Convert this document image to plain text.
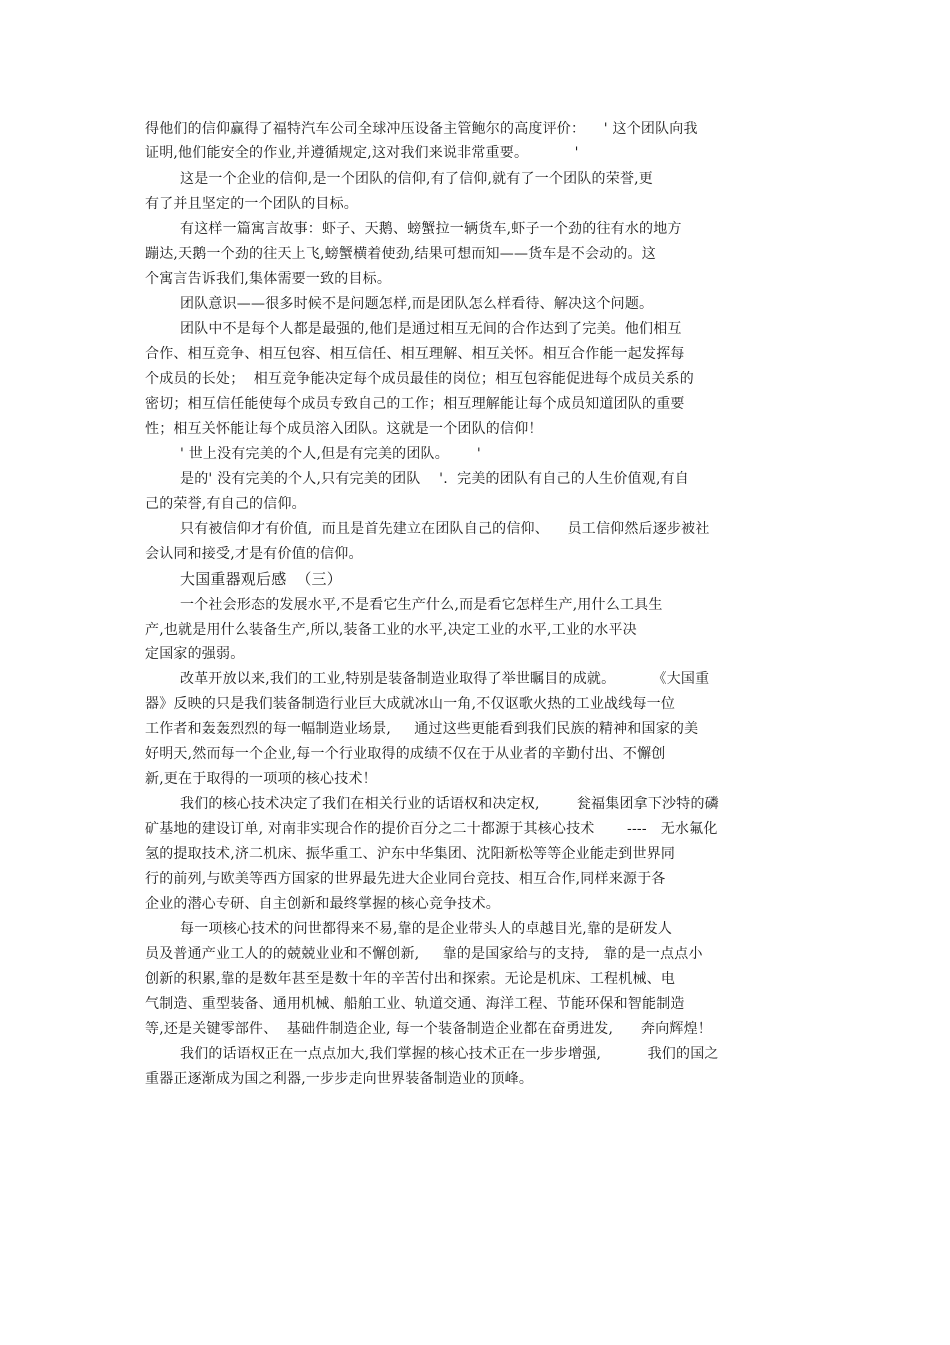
得他们的信仰赢得了福特汽车公司全球冲压设备主管鲍尔的高度评价：    ' 这个团队向我
证明,他们能安全的作业,并遵循规定,这对我们来说非常重要。          '
这是一个企业的信仰,是一个团队的信仰,有了信仰,就有了一个团队的荣誉,更
有了并且坚定的一个团队的目标。
有这样一篇寓言故事：虾子、天鹅、螃蟹拉一辆货车,虾子一个劲的往有水的地方
蹦达,天鹅一个劲的往天上飞,螃蟹横着使劲,结果可想而知——货车是不会动的。这
个寓言告诉我们,集体需要一致的目标。
团队意识——很多时候不是问题怎样,而是团队怎么样看待、解决这个问题。
团队中不是每个人都是最强的,他们是通过相互无间的合作达到了完美。他们相互
合作、相互竞争、相互包容、相互信任、相互理解、相互关怀。相互合作能一起发挥每
个成员的长处；  相互竞争能决定每个成员最佳的岗位；相互包容能促进每个成员关系的
密切；相互信任能使每个成员专致自己的工作；相互理解能让每个成员知道团队的重要
性；相互关怀能让每个成员溶入团队。这就是一个团队的信仰！
' 世上没有完美的个人,但是有完美的团队。      '
是的' 没有完美的个人,只有完美的团队    '.  完美的团队有自己的人生价值观,有自
己的荣誉,有自己的信仰。
只有被信仰才有价值,  而且是首先建立在团队自己的信仰、    员工信仰然后逐步被社
会认同和接受,才是有价值的信仰。
大国重器观后感  （三）
一个社会形态的发展水平,不是看它生产什么,而是看它怎样生产,用什么工具生
产,也就是用什么装备生产,所以,装备工业的水平,决定工业的水平,工业的水平决
定国家的强弱。
改革开放以来,我们的工业,特别是装备制造业取得了举世瞩目的成就。        《大国重
器》反映的只是我们装备制造行业巨大成就冰山一角,不仅讴歌火热的工业战线每一位
工作者和轰轰烈烈的每一幅制造业场景,     通过这些更能看到我们民族的精神和国家的美
好明天,然而每一个企业,每一个行业取得的成绩不仅在于从业者的辛勤付出、不懈创
新,更在于取得的一项项的核心技术！
我们的核心技术决定了我们在相关行业的话语权和决定权,        瓮福集团拿下沙特的磷
矿基地的建设订单, 对南非实现合作的提价百分之二十都源于其核心技术       ----   无水氟化
氢的提取技术,济二机床、振华重工、沪东中华集团、沈阳新松等等企业能走到世界同
行的前列,与欧美等西方国家的世界最先进大企业同台竞技、相互合作,同样来源于各
企业的潜心专研、自主创新和最终掌握的核心竞争技术。
每一项核心技术的问世都得来不易,靠的是企业带头人的卓越目光,靠的是研发人
员及普通产业工人的的兢兢业业和不懈创新,     靠的是国家给与的支持,   靠的是一点点小
创新的积累,靠的是数年甚至是数十年的辛苦付出和探索。无论是机床、工程机械、电
气制造、重型装备、通用机械、船舶工业、轨道交通、海洋工程、节能环保和智能制造
等,还是关键零部件、  基础件制造企业, 每一个装备制造企业都在奋勇进发,      奔向辉煌！
我们的话语权正在一点点加大,我们掌握的核心技术正在一步步增强,          我们的国之
重器正逐渐成为国之利器,一步步走向世界装备制造业的顶峰。
